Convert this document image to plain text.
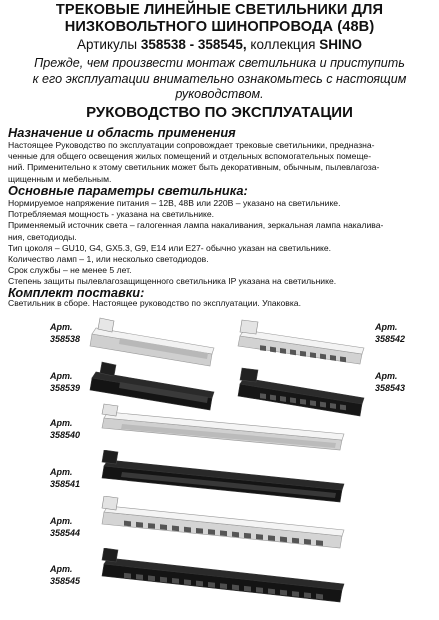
ТРЕКОВЫЕ ЛИНЕЙНЫЕ СВЕТИЛЬНИКИ ДЛЯ
НИЗКОВОЛЬТНОГО ШИНОПРОВОДА (48В)
Артикулы 358538 - 358545, коллекция SHINO
Прежде, чем произвести монтаж светильника и приступить
к его эксплуатации внимательно ознакомьтесь с настоящим
руководством.
РУКОВОДСТВО ПО ЭКСПЛУАТАЦИИ
Назначение и область применения
Настоящее Руководство по эксплуатации сопровождает трековые светильники, предназна-
ченные для общего освещения жилых помещений и отдельных вспомогательных помеще-
ний. Применительно к этому светильник может быть декоративным, обычным, пылевлагоза-
щищенным и мебельным.
Основные параметры светильника:
Нормируемое напряжение питания – 12В, 48В или 220В – указано на светильнике.
Потребляемая мощность - указана на светильнике.
Применяемый источник света – галогенная лампа накаливания, зеркальная лампа накалива-
ния, светодиоды.
Тип цоколя – GU10, G4, GX5.3, G9, E14 или E27- обычно указан на светильнике.
Количество ламп – 1, или несколько светодиодов.
Срок службы – не менее 5 лет.
Степень защиты пылевлагозащищенного светильника IP указана на светильнике.
Комплект поставки:
Светильник в сборе. Настоящее руководство по эксплуатации. Упаковка.
Арт.
358538
Арт.
358539
Арт.
358540
Арт.
358541
Арт.
358544
Арт.
358545
Арт.
358542
Арт.
358543
